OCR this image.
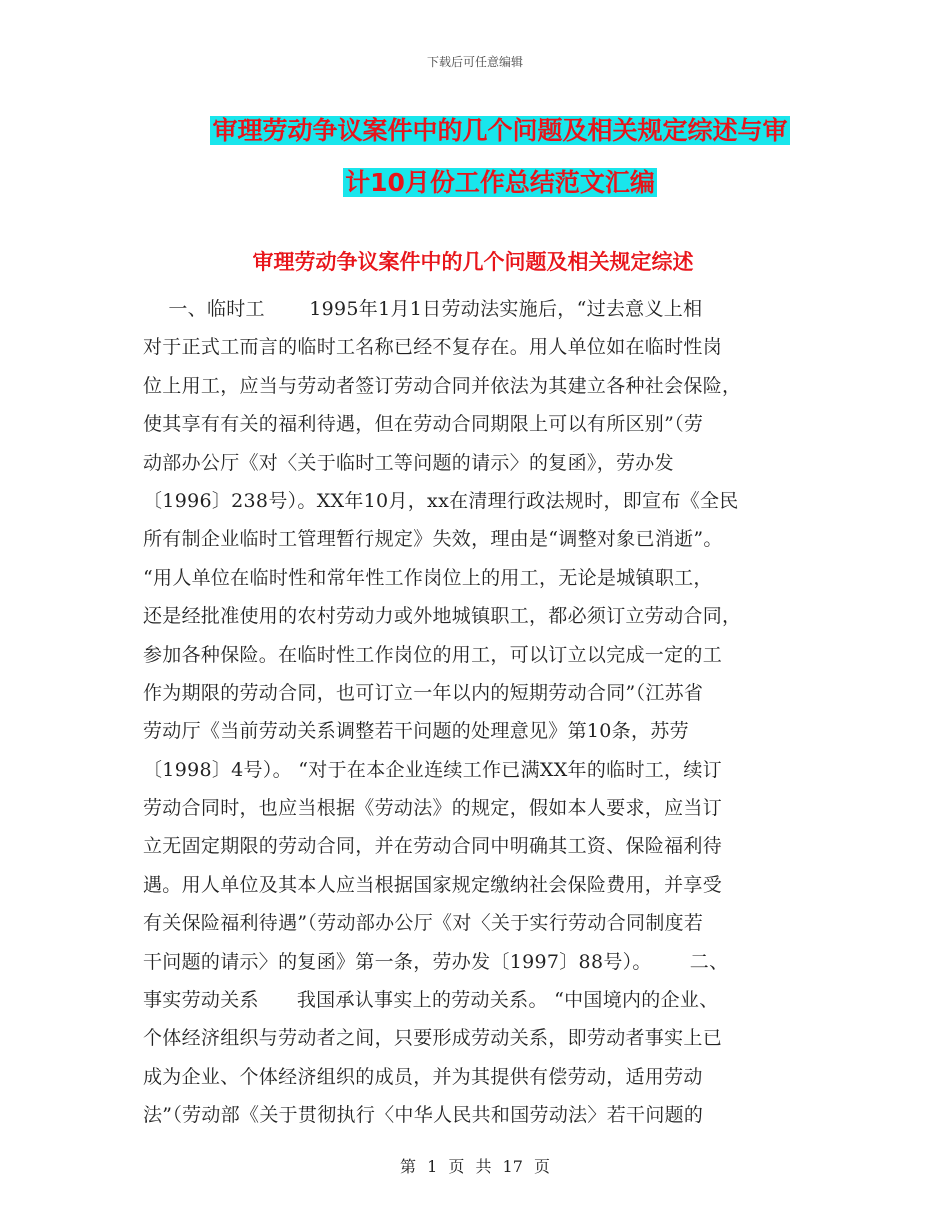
下载后可任意编辑
审理劳动争议案件中的几个问题及相关规定综述与审
计10月份工作总结范文汇编
审理劳动争议案件中的几个问题及相关规定综述
一、临时工       1995年1月1日劳动法实施后，“过去意义上相
对于正式工而言的临时工名称已经不复存在。用人单位如在临时性岗
位上用工，应当与劳动者签订劳动合同并依法为其建立各种社会保险，
使其享有有关的福利待遇，但在劳动合同期限上可以有所区别”（劳
动部办公厅《对〈关于临时工等问题的请示〉的复函》，劳办发
〔1996〕238号）。XX年10月，xx在清理行政法规时，即宣布《全民
所有制企业临时工管理暂行规定》失效，理由是“调整对象已消逝”。
“用人单位在临时性和常年性工作岗位上的用工，无论是城镇职工，
还是经批准使用的农村劳动力或外地城镇职工，都必须订立劳动合同，
参加各种保险。在临时性工作岗位的用工，可以订立以完成一定的工
作为期限的劳动合同，也可订立一年以内的短期劳动合同”（江苏省
劳动厅《当前劳动关系调整若干问题的处理意见》第10条，苏劳
〔1998〕4号）。 “对于在本企业连续工作已满XX年的临时工，续订
劳动合同时，也应当根据《劳动法》的规定，假如本人要求，应当订
立无固定期限的劳动合同，并在劳动合同中明确其工资、保险福利待
遇。用人单位及其本人应当根据国家规定缴纳社会保险费用，并享受
有关保险福利待遇”（劳动部办公厅《对〈关于实行劳动合同制度若
干问题的请示〉的复函》第一条，劳办发〔1997〕88号）。      二、
事实劳动关系      我国承认事实上的劳动关系。 “中国境内的企业、
个体经济组织与劳动者之间，只要形成劳动关系，即劳动者事实上已
成为企业、个体经济组织的成员，并为其提供有偿劳动，适用劳动
法”（劳动部《关于贯彻执行〈中华人民共和国劳动法〉若干问题的
第 1 页 共 17 页
